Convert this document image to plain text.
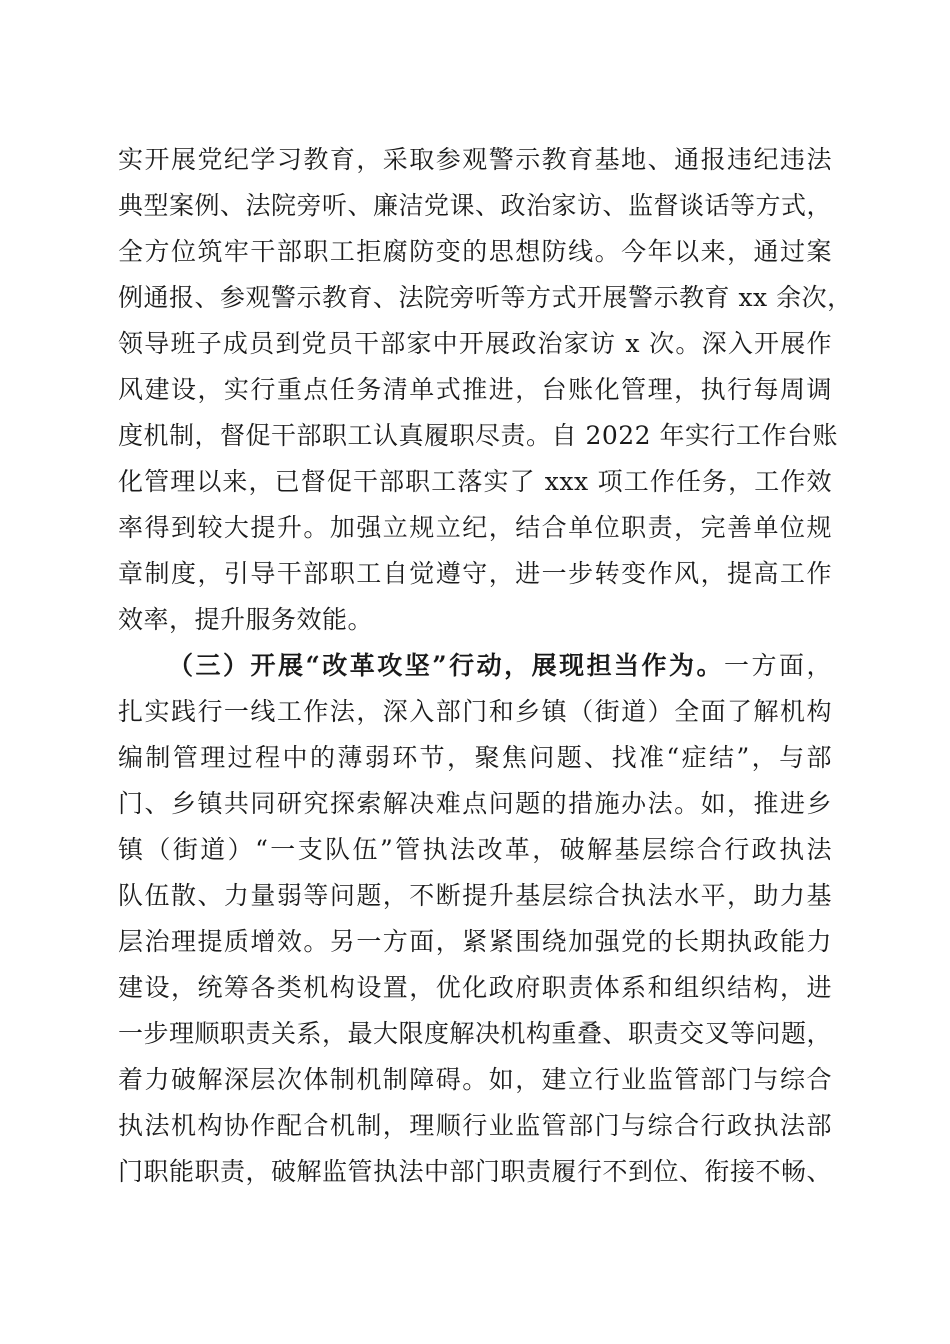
实开展党纪学习教育，采取参观警示教育基地、通报违纪违法
典型案例、法院旁听、廉洁党课、政治家访、监督谈话等方式，
全方位筑牢干部职工拒腐防变的思想防线。今年以来，通过案
例通报、参观警示教育、法院旁听等方式开展警示教育 xx 余次，
领导班子成员到党员干部家中开展政治家访 x 次。深入开展作
风建设，实行重点任务清单式推进，台账化管理，执行每周调
度机制，督促干部职工认真履职尽责。自 2022 年实行工作台账
化管理以来，已督促干部职工落实了 xxx 项工作任务，工作效
率得到较大提升。加强立规立纪，结合单位职责，完善单位规
章制度，引导干部职工自觉遵守，进一步转变作风，提高工作
效率，提升服务效能。
（三）开展“改革攻坚”行动，展现担当作为。一方面，
扎实践行一线工作法，深入部门和乡镇（街道）全面了解机构
编制管理过程中的薄弱环节，聚焦问题、找准“症结”，与部
门、乡镇共同研究探索解决难点问题的措施办法。如，推进乡
镇（街道）“一支队伍”管执法改革，破解基层综合行政执法
队伍散、力量弱等问题，不断提升基层综合执法水平，助力基
层治理提质增效。另一方面，紧紧围绕加强党的长期执政能力
建设，统筹各类机构设置，优化政府职责体系和组织结构，进
一步理顺职责关系，最大限度解决机构重叠、职责交叉等问题，
着力破解深层次体制机制障碍。如，建立行业监管部门与综合
执法机构协作配合机制，理顺行业监管部门与综合行政执法部
门职能职责，破解监管执法中部门职责履行不到位、衔接不畅、
